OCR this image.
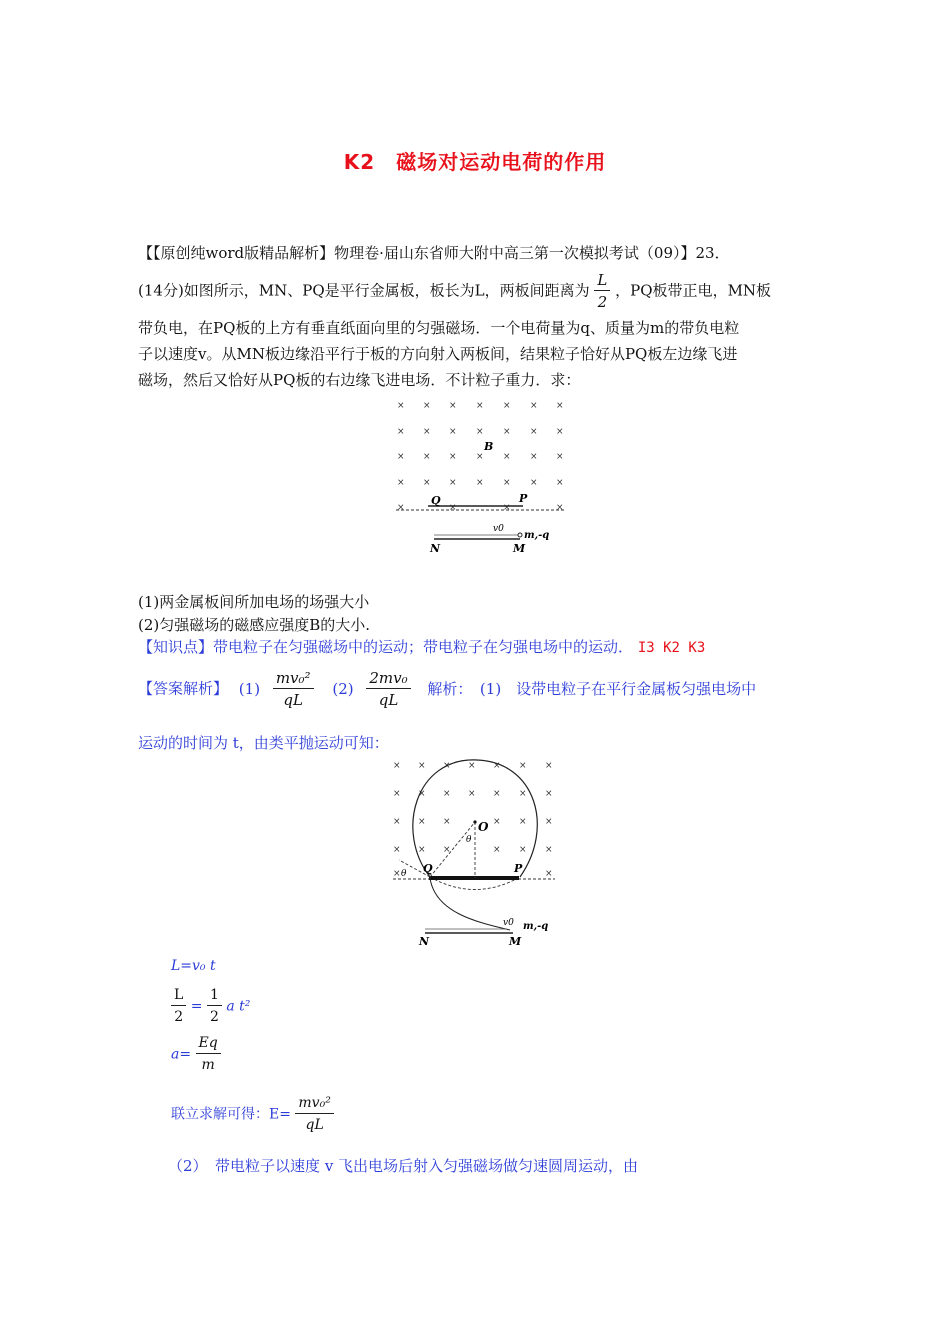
K2　磁场对运动电荷的作用
【【原创纯word版精品解析】物理卷·届山东省师大附中高三第一次模拟考试（09）】23．
(14分)如图所示，MN、PQ是平行金属板，板长为L，两板间距离为 $\frac{L}{2}$ ，PQ板带正电，MN板
带负电，在PQ板的上方有垂直纸面向里的匀强磁场．一个电荷量为q、质量为m的带负电粒
子以速度v。从MN板边缘沿平行于板的方向射入两板间，结果粒子恰好从PQ板左边缘飞进
磁场，然后又恰好从PQ板的右边缘飞进电场．不计粒子重力．求：
× × × × × × ×
× × × × × × ×
× × × × × × ×
× × × × × × ×
×	×	×	×
B
Q	P
v0
m,-q
N	M
(1)两金属板间所加电场的场强大小
(2)匀强磁场的磁感应强度B的大小.
【知识点】带电粒子在匀强磁场中的运动；带电粒子在匀强电场中的运动． I3 K2 K3
【答案解析】 $(1) \frac{\text{mv₀²}}{qL} (2) \frac{\text{2mv₀}}{qL}$ 解析：　(1)　设带电粒子在平行金属板匀强电场中
运动的时间为 t，由类平抛运动可知：
× × × × × × ×
× × × × × × ×
× × ×	× × ×
× × ×	× × ×
×	×
O
θ
θ Q	P
v0 m,-q
N	M
L=v₀ t
$\frac{L}{2} = \frac{1}{2}$ a t²
$a= \frac{Eq}{m}$
联立求解可得：$E= \frac{\text{mv₀²}}{qL}$
（2）　带电粒子以速度 v 飞出电场后射入匀强磁场做匀速圆周运动，由
